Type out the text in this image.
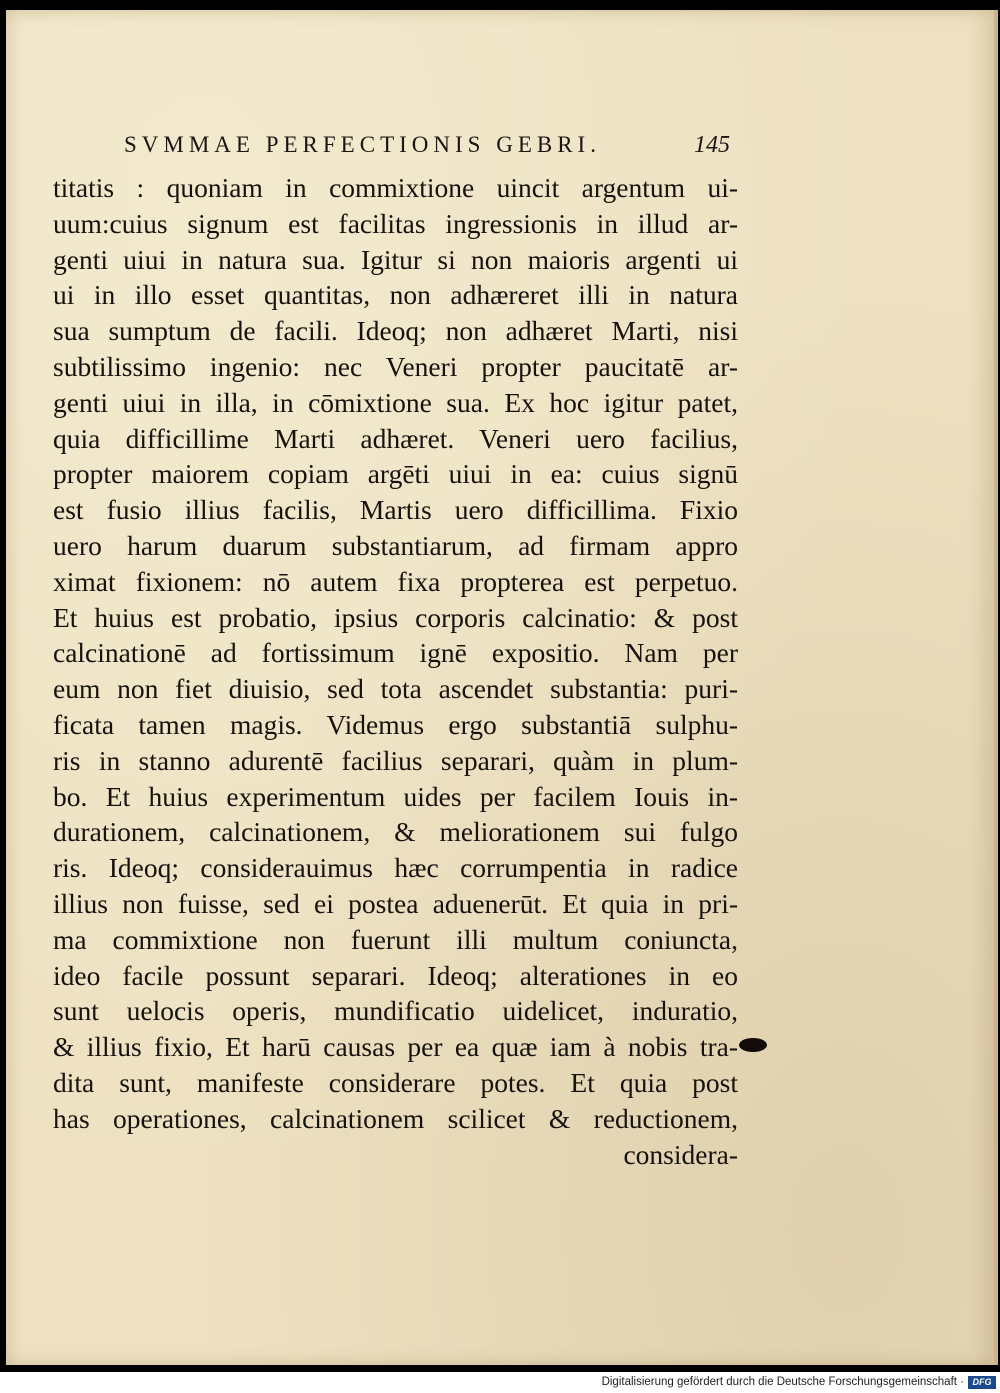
SVMMAE PERFECTIONIS GEBRI.	145
titatis : quoniam in commixtione uincit argentum ui-
uum:cuius signum est facilitas ingressionis in illud ar-
genti uiui in natura sua. Igitur si non maioris argenti ui
ui in illo esset quantitas, non adhæreret illi in natura
sua sumptum de facili. Ideoq; non adhæret Marti, nisi
subtilissimo ingenio: nec Veneri propter paucitatē ar-
genti uiui in illa, in cōmixtione sua. Ex hoc igitur patet,
quia difficillime Marti adhæret. Veneri uero facilius,
propter maiorem copiam argēti uiui in ea: cuius signū
est fusio illius facilis, Martis uero difficillima. Fixio
uero harum duarum substantiarum, ad firmam appro
ximat fixionem: nō autem fixa propterea est perpetuo.
Et huius est probatio, ipsius corporis calcinatio: & post
calcinationē ad fortissimum ignē expositio. Nam per
eum non fiet diuisio, sed tota ascendet substantia: puri-
ficata tamen magis. Videmus ergo substantiā sulphu-
ris in stanno adurentē facilius separari, quàm in plum-
bo. Et huius experimentum uides per facilem Iouis in-
durationem, calcinationem, & meliorationem sui fulgo
ris. Ideoq; considerauimus hæc corrumpentia in radice
illius non fuisse, sed ei postea aduenerūt. Et quia in pri-
ma commixtione non fuerunt illi multum coniuncta,
ideo facile possunt separari. Ideoq; alterationes in eo
sunt uelocis operis, mundificatio uidelicet, induratio,
& illius fixio, Et harū causas per ea quæ iam à nobis tra-
dita sunt, manifeste considerare potes. Et quia post
has operationes, calcinationem scilicet & reductionem,
considera-
Digitalisierung gefördert durch die Deutsche Forschungsgemeinschaft · DFG
